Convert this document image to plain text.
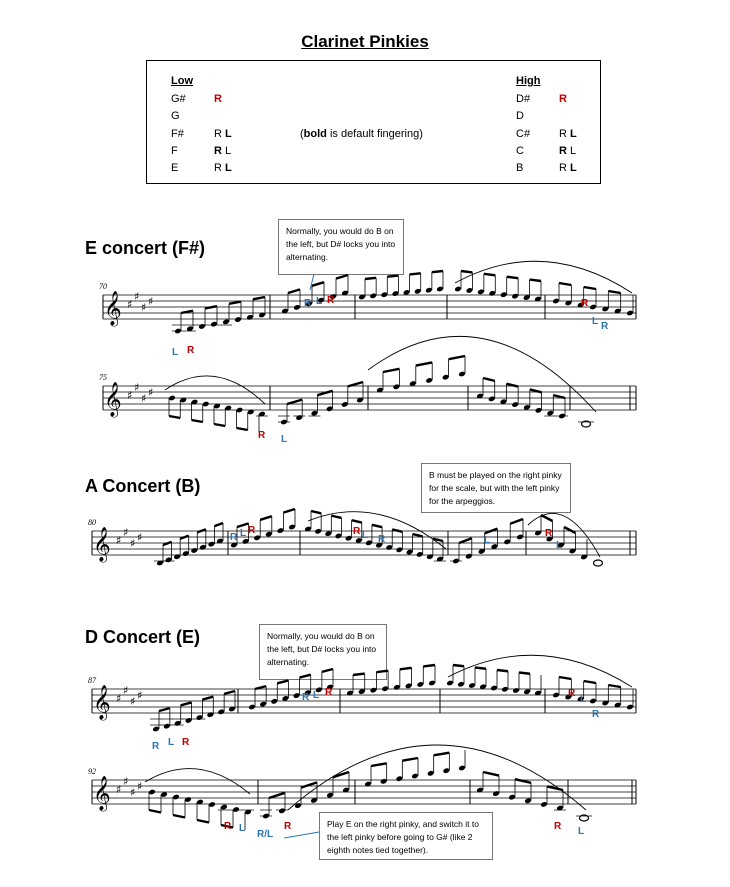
Clarinet Pinkies
Low
G#	R
G
F#	R L
F	R L
E	R L
(bold is default fingering)
High
D#	R
D
C#	R L
C	R L
B	R L
E concert (F#)
A Concert (B)
D Concert (E)
Normally, you would do B on the left, but D# locks you into alternating.
B must be played on the right pinky for the scale, but with the left pinky for the arpeggios.
Normally, you would do B on the left, but D# locks you into alternating.
Play E on the right pinky, and switch it to the left pinky before going to G# (like 2 eighth notes tied together).
𝄞 ♯
♯
♯ ♯
70
L R
R L R	R
L R
𝄞 ♯
♯
♯ ♯
75
R L
𝄞 ♯
♯
♯ ♯
80
R L R	R L R	L
R
L
𝄞 ♯
♯
♯ ♯
87
R L R
R L R	R
L
R
𝄞 ♯
♯
♯ ♯
92
R L
R/L
R	R L
